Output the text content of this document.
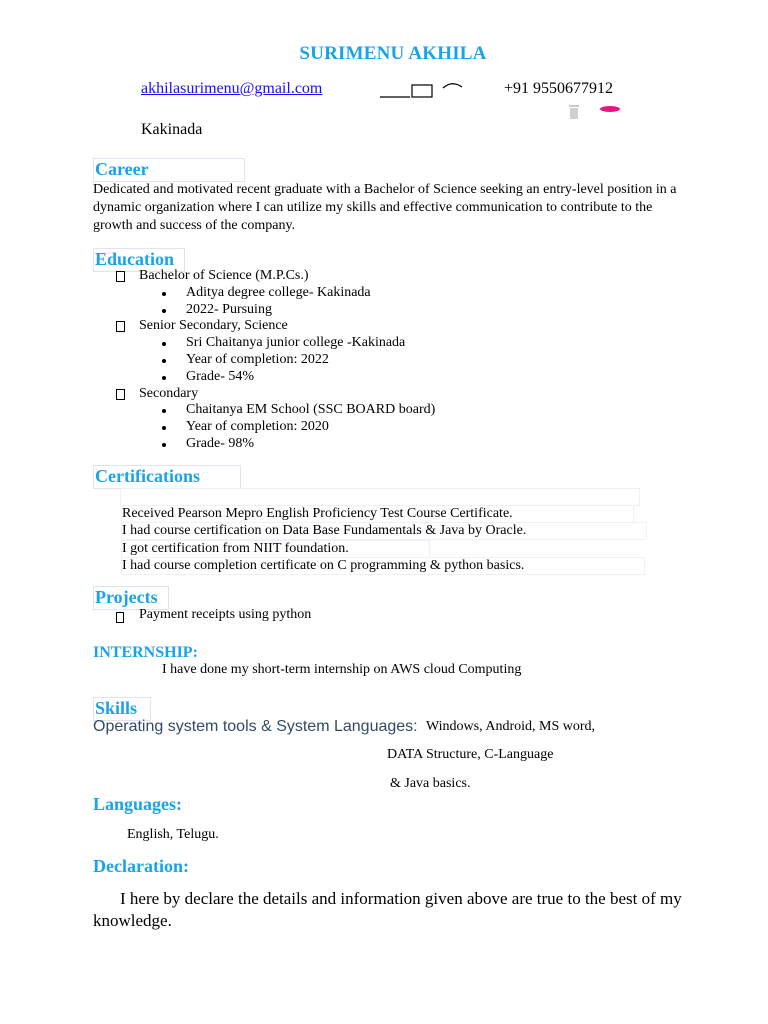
SURIMENU AKHILA
akhilasurimenu@gmail.com	+91 9550677912
Kakinada
Career
Dedicated and motivated recent graduate with a Bachelor of Science seeking an entry-level position in a dynamic organization where I can utilize my skills and effective communication to contribute to the growth and success of the company.
Education
Bachelor of Science (M.P.Cs.)
Aditya degree college- Kakinada
2022- Pursuing
Senior Secondary, Science
Sri Chaitanya junior college -Kakinada
Year of completion: 2022
Grade- 54%
Secondary
Chaitanya EM School (SSC BOARD board)
Year of completion: 2020
Grade- 98%
Certifications
Received Pearson Mepro English Proficiency Test Course Certificate.
I had course certification on Data Base Fundamentals & Java by Oracle.
I got certification from NIIT foundation.
I had course completion certificate on C programming & python basics.
Projects
Payment receipts using python
INTERNSHIP:
I have done my short-term internship on AWS cloud Computing
Skills
Operating system tools & System Languages: Windows, Android, MS word,
DATA Structure, C-Language
& Java basics.
Languages:
English, Telugu.
Declaration:
I here by declare the details and information given above are true to the best of my knowledge.
